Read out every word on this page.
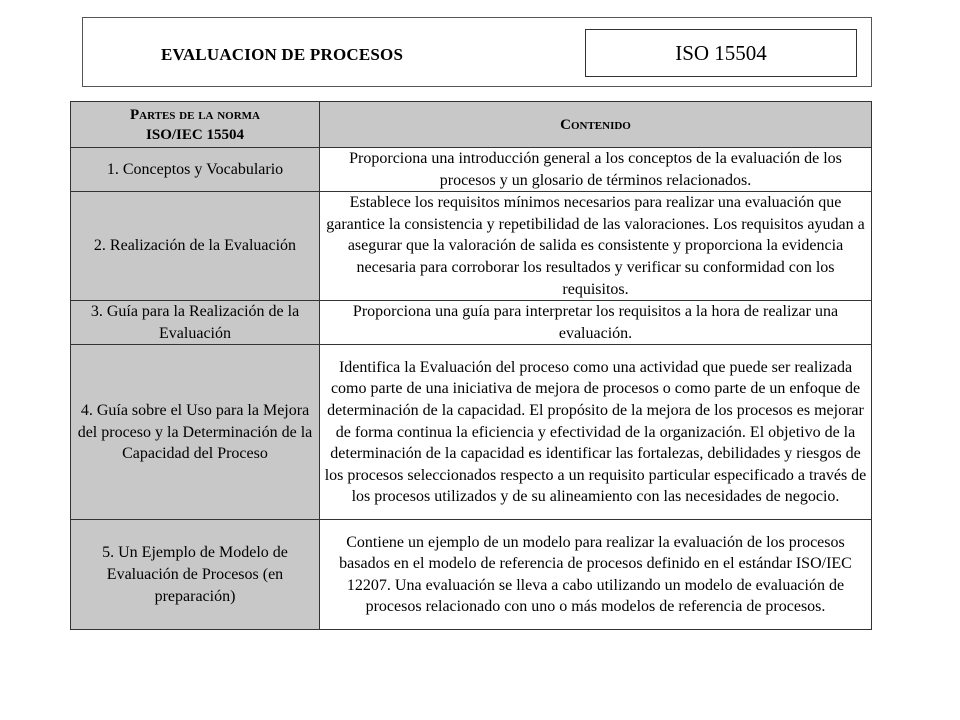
EVALUACION DE PROCESOS	ISO 15504
Partes de la norma
ISO/IEC 15504	Contenido
1. Conceptos y Vocabulario	Proporciona una introducción general a los conceptos de la evaluación de los procesos y un glosario de términos relacionados.
2. Realización de la Evaluación	Establece los requisitos mínimos necesarios para realizar una evaluación que garantice la consistencia y repetibilidad de las valoraciones. Los requisitos ayudan a asegurar que la valoración de salida es consistente y proporciona la evidencia necesaria para corroborar los resultados y verificar su conformidad con los requisitos.
3. Guía para la Realización de la Evaluación	Proporciona una guía para interpretar los requisitos a la hora de realizar una evaluación.
4. Guía sobre el Uso para la Mejora del proceso y la Determinación de la Capacidad del Proceso	Identifica la Evaluación del proceso como una actividad que puede ser realizada como parte de una iniciativa de mejora de procesos o como parte de un enfoque de determinación de la capacidad. El propósito de la mejora de los procesos es mejorar de forma continua la eficiencia y efectividad de la organización. El objetivo de la determinación de la capacidad es identificar las fortalezas, debilidades y riesgos de los procesos seleccionados respecto a un requisito particular especificado a través de los procesos utilizados y de su alineamiento con las necesidades de negocio.
5. Un Ejemplo de Modelo de Evaluación de Procesos (en preparación)	Contiene un ejemplo de un modelo para realizar la evaluación de los procesos basados en el modelo de referencia de procesos definido en el estándar ISO/IEC 12207. Una evaluación se lleva a cabo utilizando un modelo de evaluación de procesos relacionado con uno o más modelos de referencia de procesos.
